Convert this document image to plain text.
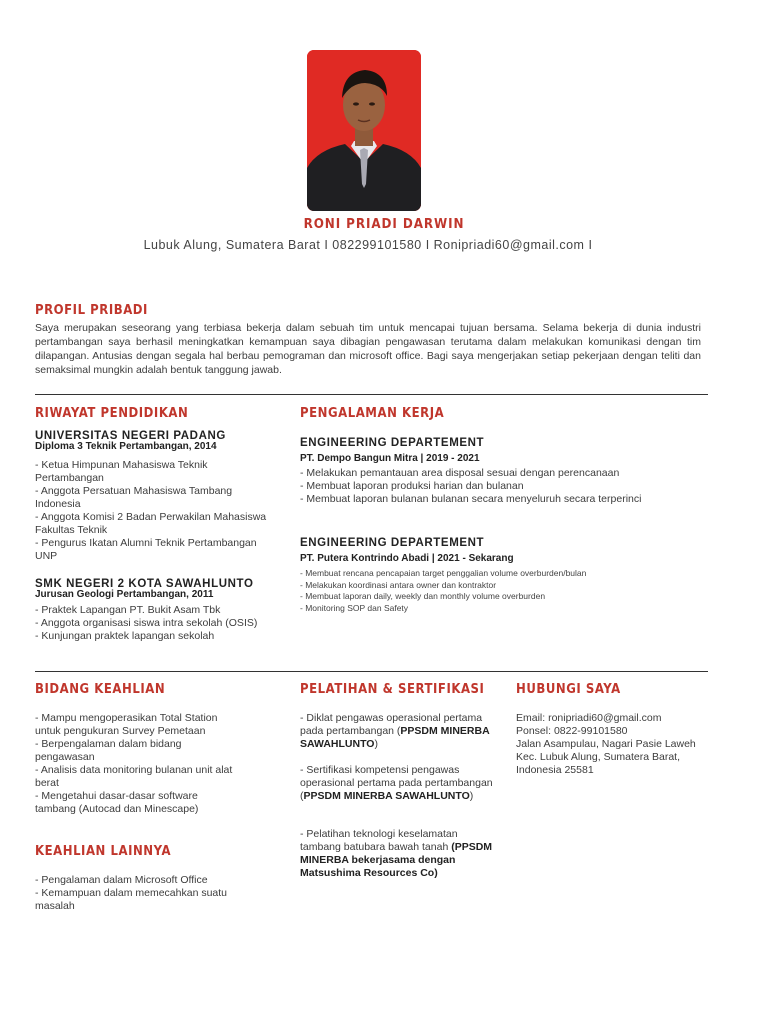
RONI PRIADI DARWIN
Lubuk Alung, Sumatera Barat I 082299101580 I Ronipriadi60@gmail.com I
PROFIL PRIBADI
Saya merupakan seseorang yang terbiasa bekerja dalam sebuah tim untuk mencapai tujuan bersama. Selama bekerja di dunia industri pertambangan saya berhasil meningkatkan kemampuan saya dibagian pengawasan terutama dalam melakukan komunikasi dengan tim dilapangan. Antusias dengan segala hal berbau pemograman dan microsoft office. Bagi saya mengerjakan setiap pekerjaan dengan teliti dan semaksimal mungkin adalah bentuk tanggung jawab.
RIWAYAT PENDIDIKAN
UNIVERSITAS NEGERI PADANG
Diploma 3 Teknik Pertambangan, 2014
- Ketua Himpunan Mahasiswa Teknik Pertambangan
- Anggota Persatuan Mahasiswa Tambang Indonesia
- Anggota Komisi 2 Badan Perwakilan Mahasiswa Fakultas Teknik
- Pengurus Ikatan Alumni Teknik Pertambangan UNP
SMK NEGERI 2 KOTA SAWAHLUNTO
Jurusan Geologi Pertambangan, 2011
- Praktek Lapangan PT. Bukit Asam Tbk
- Anggota organisasi siswa intra sekolah (OSIS)
- Kunjungan praktek lapangan sekolah
PENGALAMAN KERJA
ENGINEERING DEPARTEMENT
PT. Dempo Bangun Mitra | 2019 - 2021
- Melakukan pemantauan area disposal sesuai dengan perencanaan
- Membuat laporan produksi harian dan bulanan
- Membuat laporan bulanan bulanan secara menyeluruh secara terperinci
ENGINEERING DEPARTEMENT
PT. Putera Kontrindo Abadi | 2021 - Sekarang
- Membuat rencana pencapaian target penggalian volume overburden/bulan
- Melakukan koordinasi antara owner dan kontraktor
- Membuat laporan daily, weekly dan monthly volume overburden
- Monitoring SOP dan Safety
BIDANG KEAHLIAN
- Mampu mengoperasikan Total Station untuk pengukuran Survey Pemetaan
- Berpengalaman dalam bidang pengawasan
- Analisis data monitoring bulanan unit alat berat
- Mengetahui dasar-dasar software tambang (Autocad dan Minescape)
KEAHLIAN LAINNYA
- Pengalaman dalam Microsoft Office
- Kemampuan dalam memecahkan suatu masalah
PELATIHAN & SERTIFIKASI
- Diklat pengawas operasional pertama pada pertambangan (PPSDM MINERBA SAWAHLUNTO)
- Sertifikasi kompetensi pengawas operasional pertama pada pertambangan (PPSDM MINERBA SAWAHLUNTO)
- Pelatihan teknologi keselamatan tambang batubara bawah tanah (PPSDM MINERBA bekerjasama dengan Matsushima Resources Co)
HUBUNGI SAYA
Email: ronipriadi60@gmail.com
Ponsel: 0822-99101580
Jalan Asampulau, Nagari Pasie Laweh Kec. Lubuk Alung, Sumatera Barat, Indonesia 25581
